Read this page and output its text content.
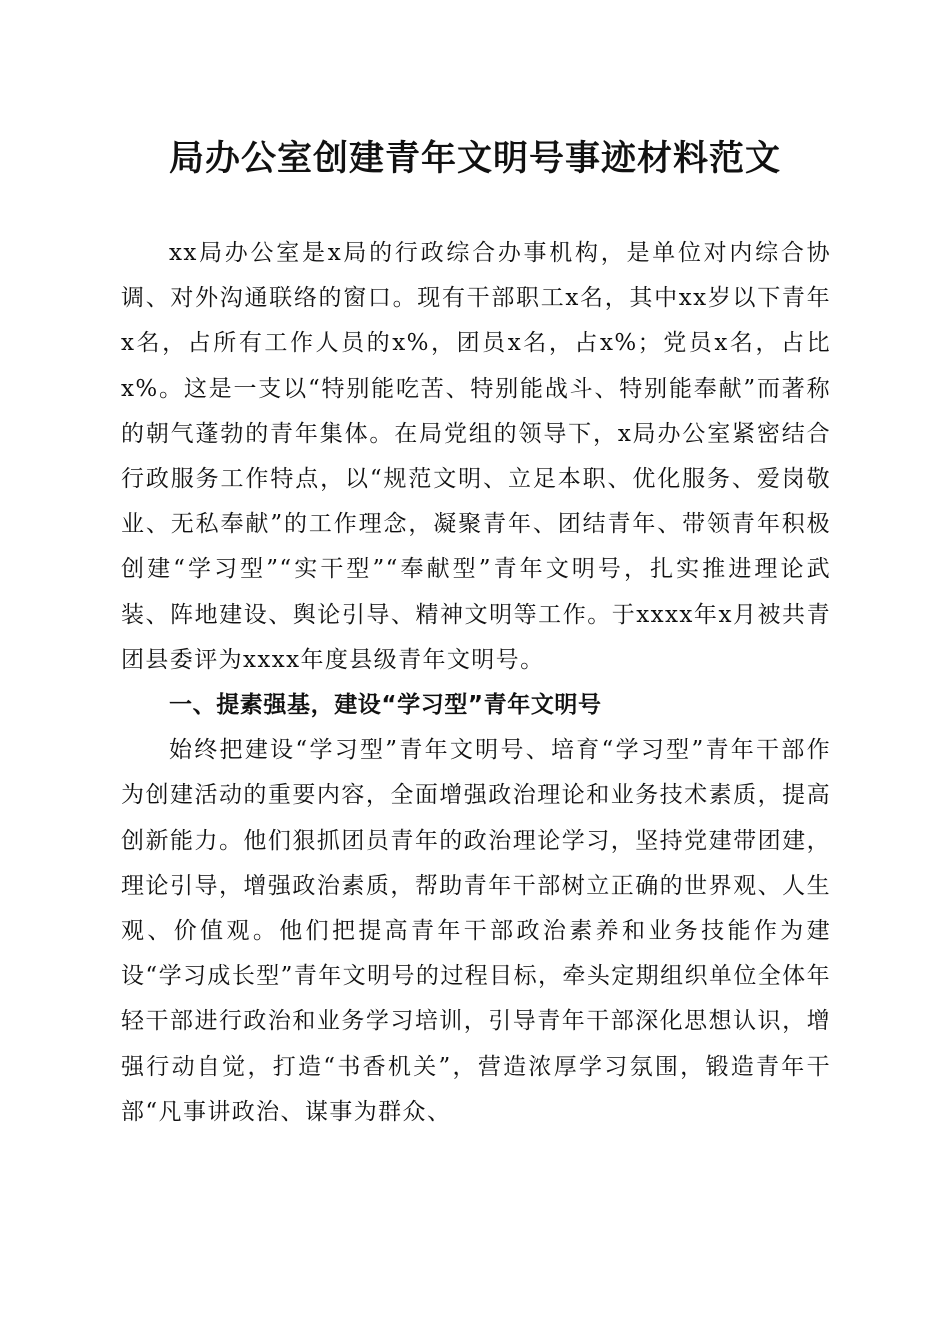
局办公室创建青年文明号事迹材料范文

xx局办公室是x局的行政综合办事机构，是单位对内综合协调、对外沟通联络的窗口。现有干部职工x名，其中xx岁以下青年x名，占所有工作人员的x%，团员x名，占x%；党员x名，占比x%。这是一支以“特别能吃苦、特别能战斗、特别能奉献”而著称的朝气蓬勃的青年集体。在局党组的领导下，x局办公室紧密结合行政服务工作特点，以“规范文明、立足本职、优化服务、爱岗敬业、无私奉献”的工作理念，凝聚青年、团结青年、带领青年积极创建“学习型”“实干型”“奉献型”青年文明号，扎实推进理论武装、阵地建设、舆论引导、精神文明等工作。于xxxx年x月被共青团县委评为xxxx年度县级青年文明号。

一、提素强基，建设“学习型”青年文明号

始终把建设“学习型”青年文明号、培育“学习型”青年干部作为创建活动的重要内容，全面增强政治理论和业务技术素质，提高创新能力。他们狠抓团员青年的政治理论学习，坚持党建带团建，理论引导，增强政治素质，帮助青年干部树立正确的世界观、人生观、价值观。他们把提高青年干部政治素养和业务技能作为建设“学习成长型”青年文明号的过程目标，牵头定期组织单位全体年轻干部进行政治和业务学习培训，引导青年干部深化思想认识，增强行动自觉，打造“书香机关”，营造浓厚学习氛围，锻造青年干部“凡事讲政治、谋事为群众、
